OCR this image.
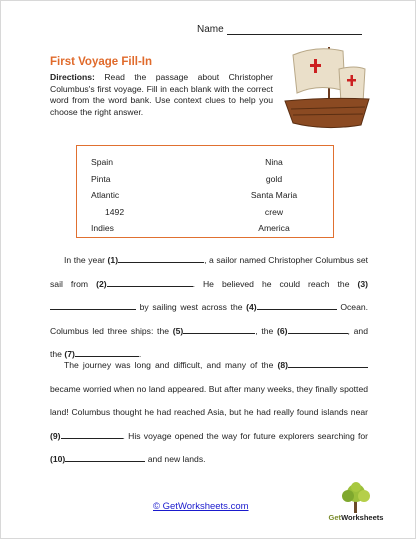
Name
First Voyage Fill-In
Directions: Read the passage about Christopher Columbus's first voyage. Fill in each blank with the correct word from the word bank. Use context clues to help you choose the right answer.
Spain
Pinta
Atlantic
1492
Indies
Nina
gold
Santa Maria
crew
America
In the year (1)	, a sailor named Christopher Columbus set sail from (2)	. He believed he could reach the (3) by sailing west across the (4)	Ocean. Columbus led three ships: the (5)	, the (6)	, and the (7)	.
The journey was long and difficult, and many of the (8) became worried when no land appeared. But after many weeks, they finally spotted land! Columbus thought he had reached Asia, but he had really found islands near (9)	. His voyage opened the way for future explorers searching for (10)	and new lands.
© GetWorksheets.com
GetWorksheets
